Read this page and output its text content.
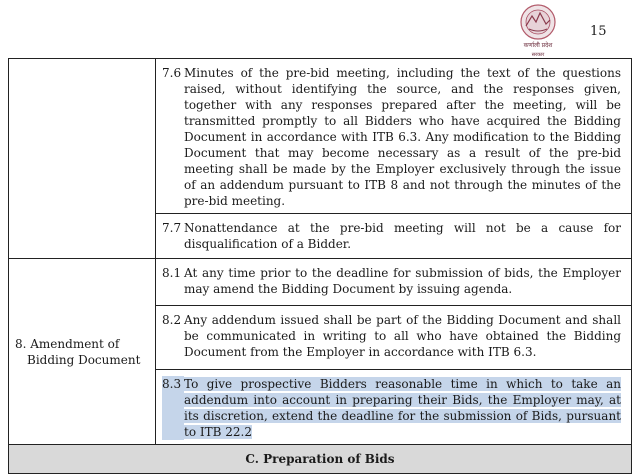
कर्णाली प्रदेश
सरकार
15

	7.6 Minutes of the pre-bid meeting, including the text of the questions raised, without identifying the source, and the responses given, together with any responses prepared after the meeting, will be transmitted promptly to all Bidders who have acquired the Bidding Document in accordance with ITB 6.3. Any modification to the Bidding Document that may become necessary as a result of the pre-bid meeting shall be made by the Employer exclusively through the issue of an addendum pursuant to ITB 8 and not through the minutes of the pre-bid meeting.

	7.7 Nonattendance at the pre-bid meeting will not be a cause for disqualification of a Bidder.

8. Amendment of
Bidding Document	8.1 At any time prior to the deadline for submission of bids, the Employer may amend the Bidding Document by issuing agenda.

	8.2 Any addendum issued shall be part of the Bidding Document and shall be communicated in writing to all who have obtained the Bidding Document from the Employer in accordance with ITB 6.3.

	8.3 To give prospective Bidders reasonable time in which to take an addendum into account in preparing their Bids, the Employer may, at its discretion, extend the deadline for the submission of Bids, pursuant to ITB 22.2

C. Preparation of Bids	
